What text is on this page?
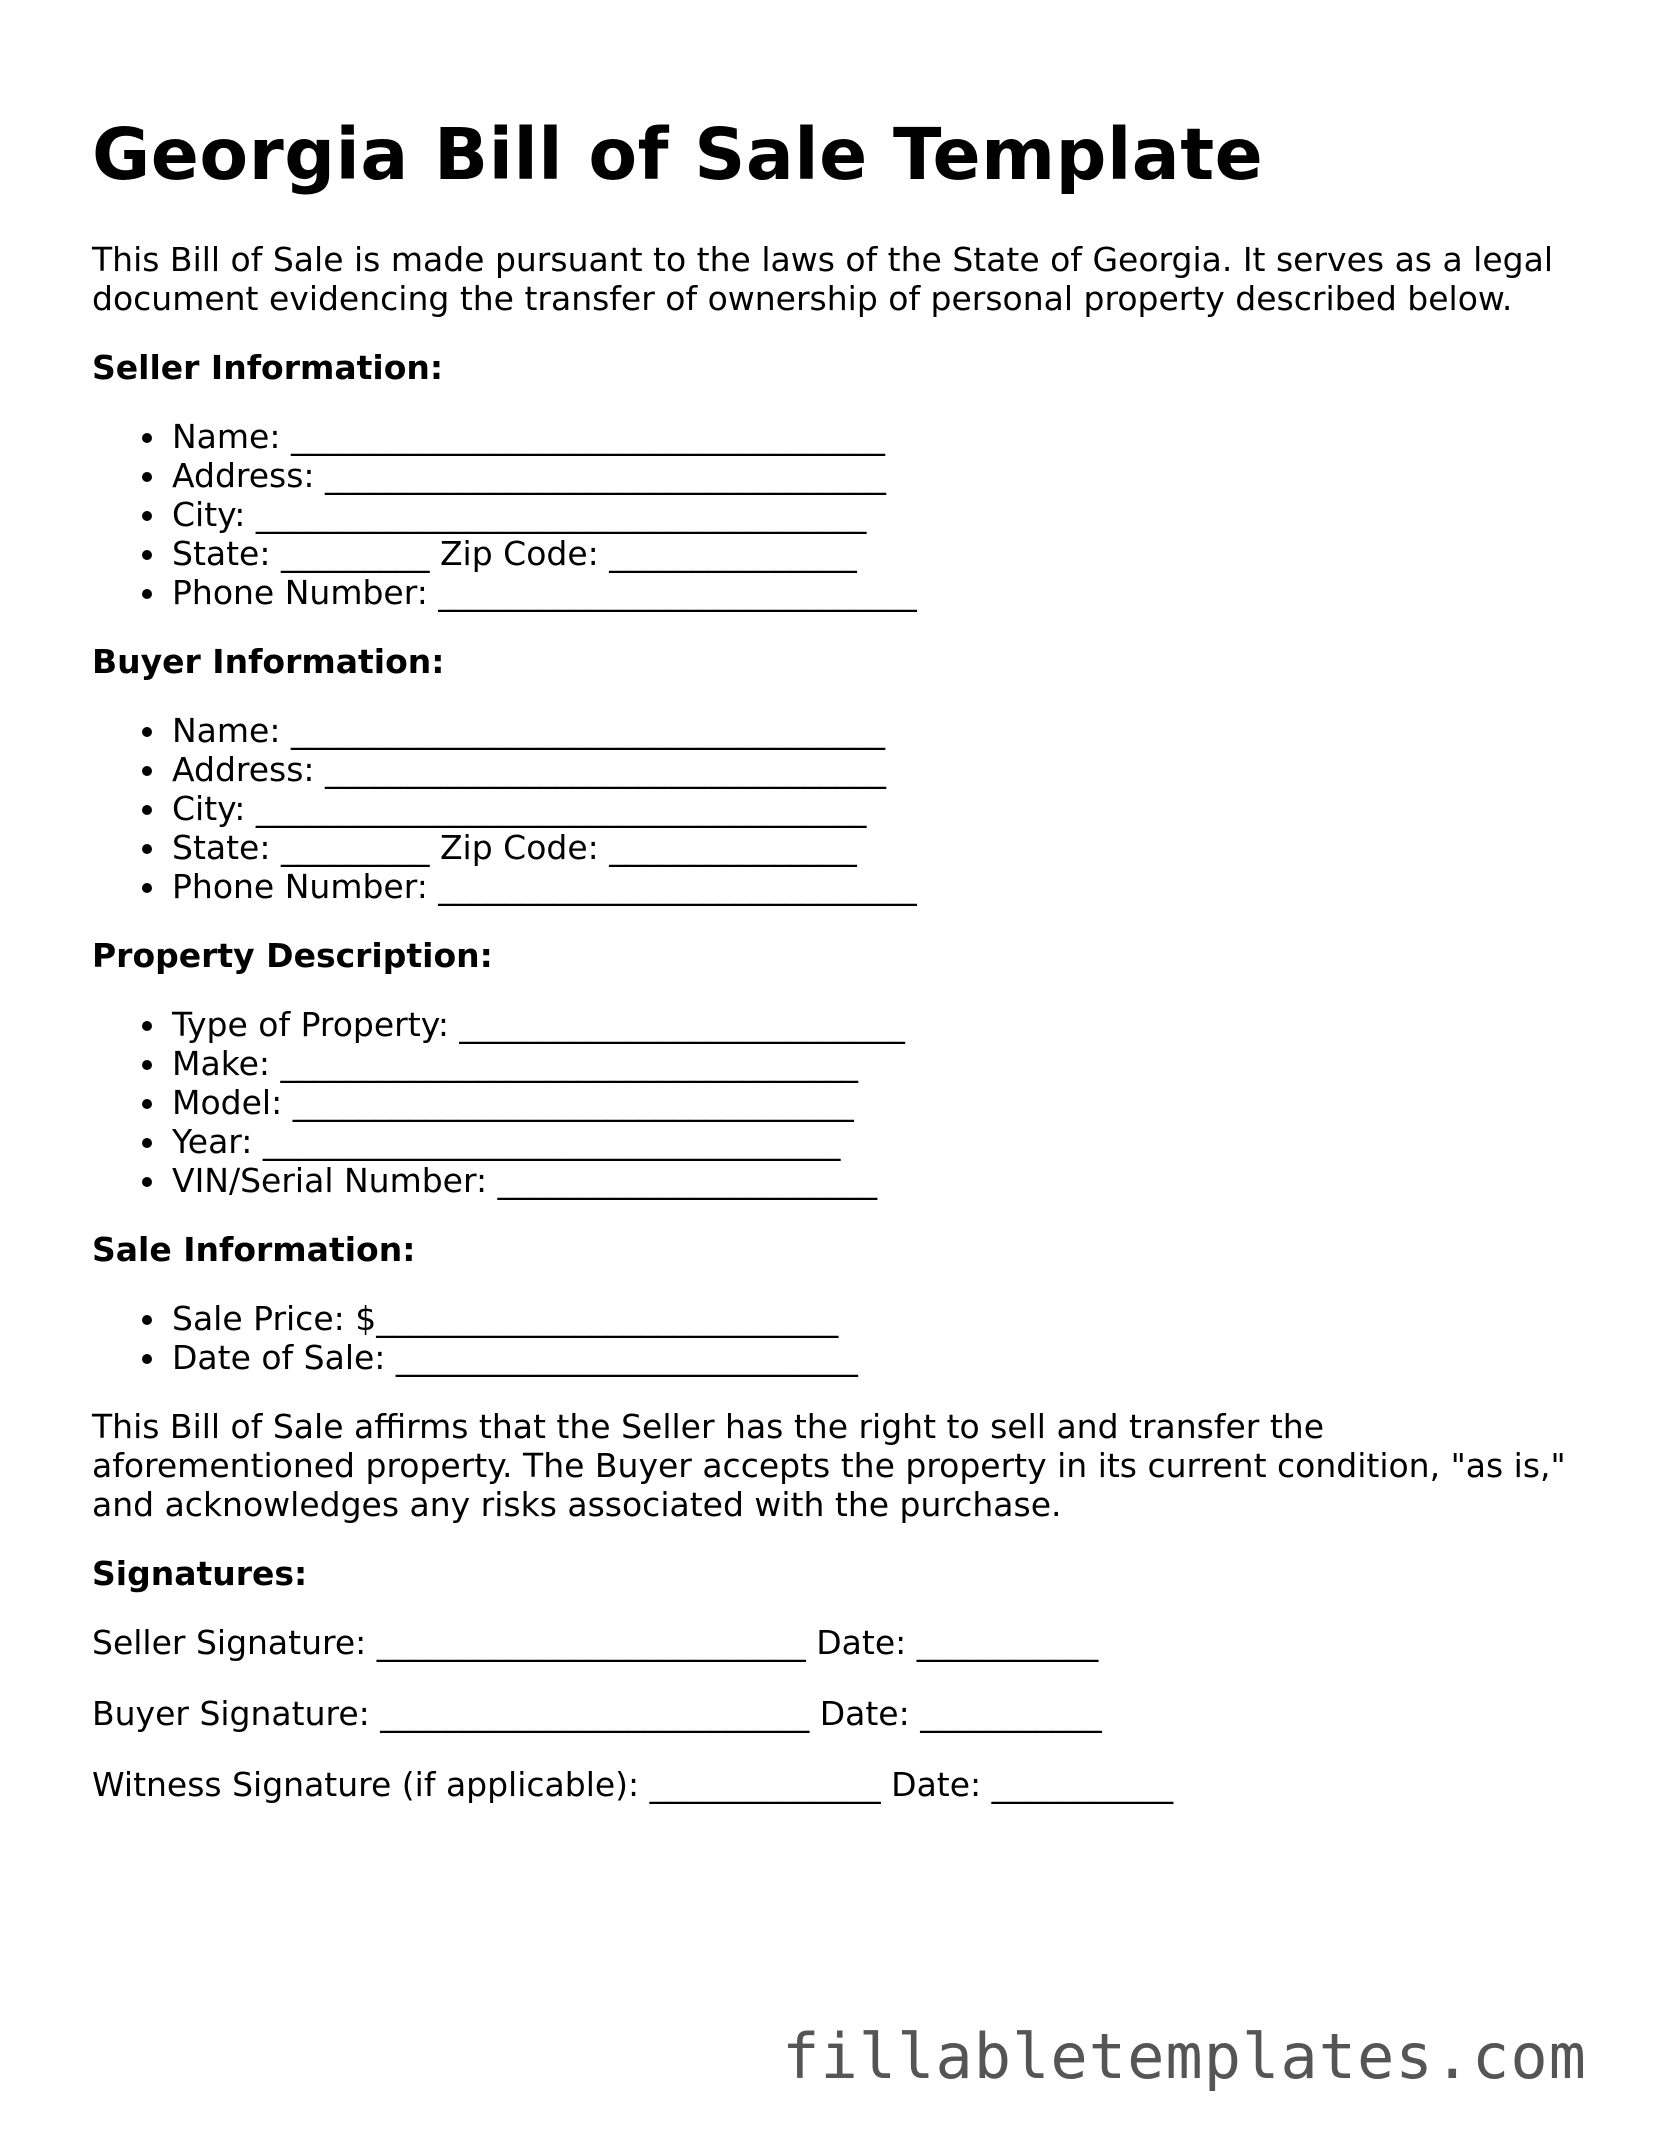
Georgia Bill of Sale Template

This Bill of Sale is made pursuant to the laws of the State of Georgia. It serves as a legal document evidencing the transfer of ownership of personal property described below.

Seller Information:
Name: ____________________________________
Address: __________________________________
City: _____________________________________
State: _________ Zip Code: _______________
Phone Number: _____________________________
Buyer Information:
Name: ____________________________________
Address: __________________________________
City: _____________________________________
State: _________ Zip Code: _______________
Phone Number: _____________________________
Property Description:
Type of Property: ___________________________
Make: ___________________________________
Model: __________________________________
Year: ___________________________________
VIN/Serial Number: _______________________
Sale Information:
Sale Price: $____________________________
Date of Sale: ____________________________

This Bill of Sale affirms that the Seller has the right to sell and transfer the aforementioned property. The Buyer accepts the property in its current condition, "as is," and acknowledges any risks associated with the purchase.

Signatures:
Seller Signature: __________________________ Date: ___________
Buyer Signature: __________________________ Date: ___________
Witness Signature (if applicable): ______________ Date: ___________
fillabletemplates.com
